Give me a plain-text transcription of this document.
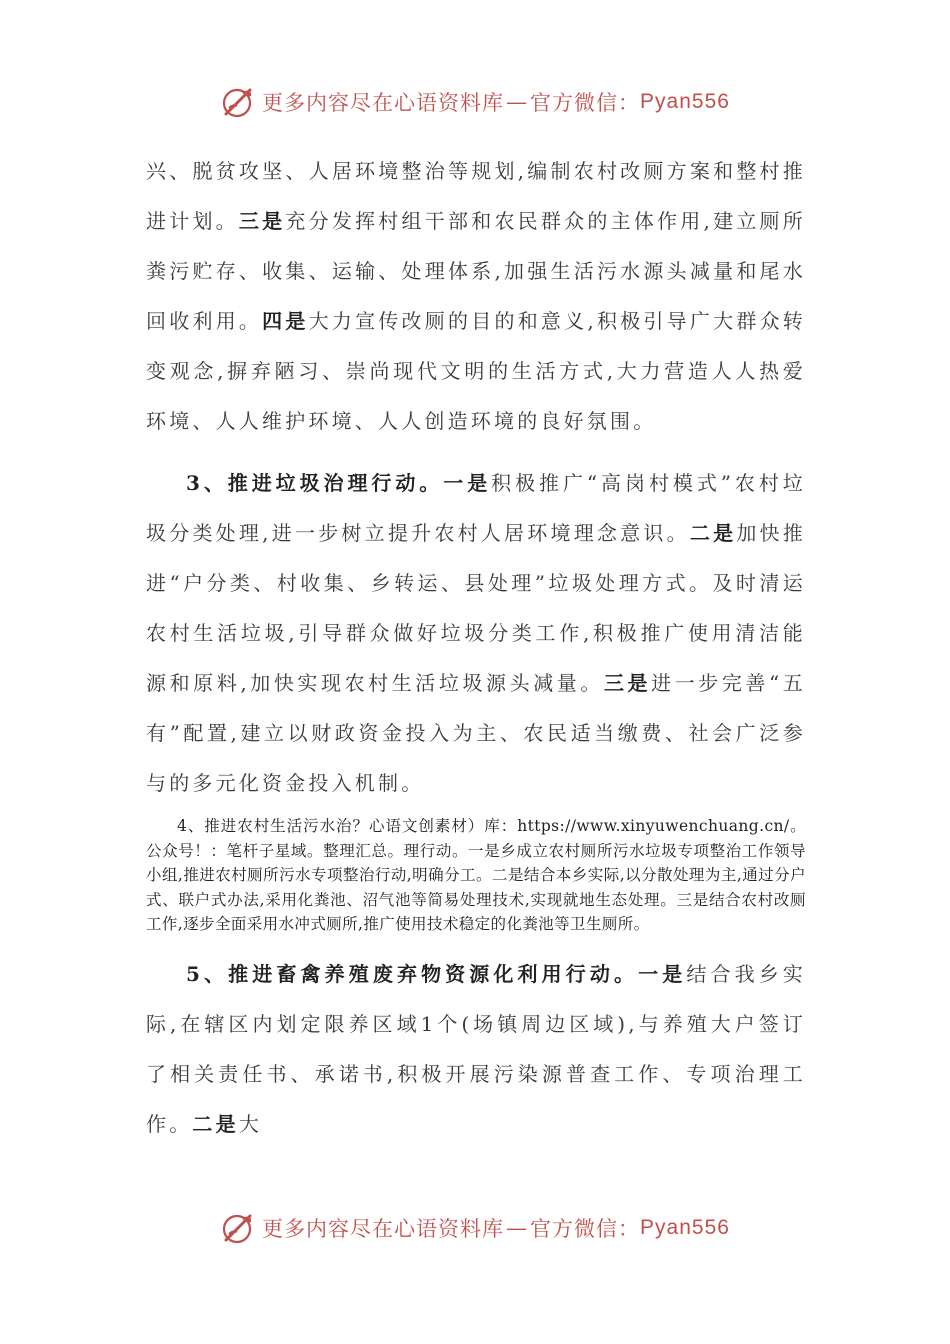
更多内容尽在心语资料库 — 官方微信： Pyan556

兴、脱贫攻坚、人居环境整治等规划,编制农村改厕方案和整村推进计划。三是充分发挥村组干部和农民群众的主体作用,建立厕所粪污贮存、收集、运输、处理体系,加强生活污水源头减量和尾水回收利用。四是大力宣传改厕的目的和意义,积极引导广大群众转变观念,摒弃陋习、崇尚现代文明的生活方式,大力营造人人热爱环境、人人维护环境、人人创造环境的良好氛围。

3、推进垃圾治理行动。一是积极推广“高岗村模式”农村垃圾分类处理,进一步树立提升农村人居环境理念意识。二是加快推进“户分类、村收集、乡转运、县处理”垃圾处理方式。及时清运农村生活垃圾,引导群众做好垃圾分类工作,积极推广使用清洁能源和原料,加快实现农村生活垃圾源头减量。三是进一步完善“五有”配置,建立以财政资金投入为主、农民适当缴费、社会广泛参与的多元化资金投入机制。

4、推进农村生活污水治？心语文创素材）库：https://www.xinyuwenchuang.cn/。公众号！：笔杆子星域。整理汇总。理行动。一是乡成立农村厕所污水垃圾专项整治工作领导小组,推进农村厕所污水专项整治行动,明确分工。二是结合本乡实际,以分散处理为主,通过分户式、联户式办法,采用化粪池、沼气池等简易处理技术,实现就地生态处理。三是结合农村改厕工作,逐步全面采用水冲式厕所,推广使用技术稳定的化粪池等卫生厕所。

5、推进畜禽养殖废弃物资源化利用行动。一是结合我乡实际,在辖区内划定限养区域1个(场镇周边区域),与养殖大户签订了相关责任书、承诺书,积极开展污染源普查工作、专项治理工作。二是大

更多内容尽在心语资料库 — 官方微信： Pyan556
